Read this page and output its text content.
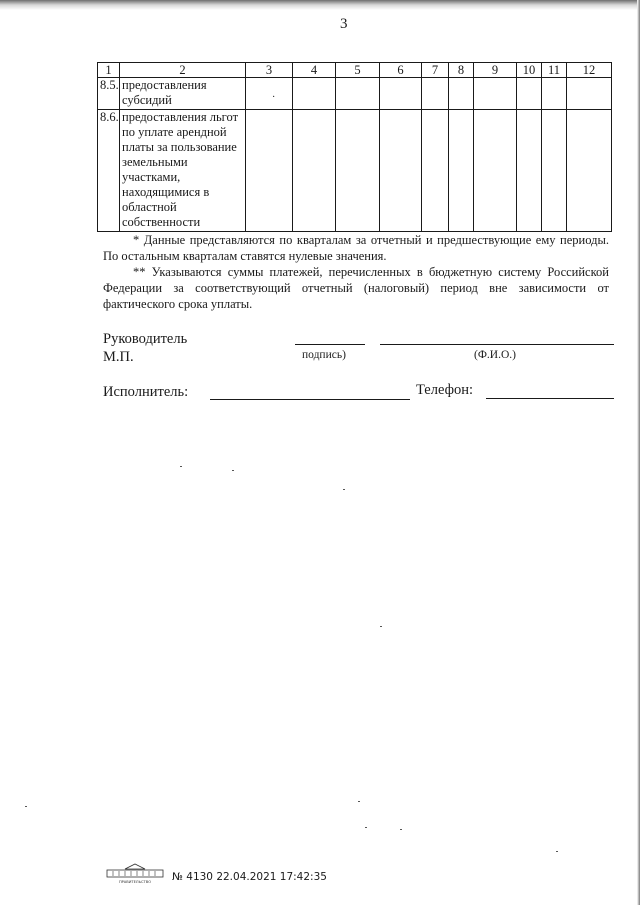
3
1	2	3	4	5	6	7	8	9	10	11	12
8.5.	предоставления субсидий	·									

8.6.	предоставления льгот по уплате арендной платы за пользование земельными участками, находящимися в областной собственности										
* Данные представляются по кварталам за отчетный и предшествующие ему периоды. По остальным кварталам ставятся нулевые значения.
** Указываются суммы платежей, перечисленных в бюджетную систему Российской Федерации за соответствующий отчетный (налоговый) период вне зависимости от фактического срока уплаты.
Руководитель
М.П.	подпись)	(Ф.И.О.)
Исполнитель:	Телефон:
ПРАВИТЕЛЬСТВО № 4130 22.04.2021 17:42:35
